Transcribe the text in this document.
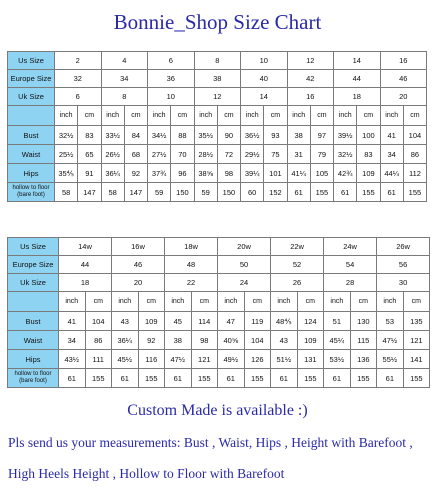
Bonnie_Shop Size Chart
Us Size	2		4		6		8		10		12		14		16	
Europe Size	32		34		36		38		40		42		44		46	
Uk Size	6		8		10		12		14		16		18		20	
	inch	cm	inch	cm	inch	cm	inch	cm	inch	cm	inch	cm	inch	cm	inch	cm
Bust	32½	83	33½	84	34½	88	35½	90	36½	93	38	97	39½	100	41	104
Waist	25½	65	26½	68	27½	70	28½	72	29½	75	31	79	32½	83	34	86
Hips	35⅘	91	36¼	92	37¾	96	38⅝	98	39¼	101	41¼	105	42¾	109	44¼	112
hollow to floor (bare foot)	58	147	58	147	59	150	59	150	60	152	61	155	61	155	61	155
Us Size	14w		16w		18w		20w		22w		24w		26w	
Europe Size	44		46		48		50		52		54		56	
Uk Size	18		20		22		24		26		28		30	
	inch	cm	inch	cm	inch	cm	inch	cm	inch	cm	inch	cm	inch	cm
Bust	41	104	43	109	45	114	47	119	48⅘	124	51	130	53	135
Waist	34	86	36¼	92	38	98	40⅝	104	43	109	45¼	115	47½	121
Hips	43½	111	45½	116	47½	121	49½	126	51½	131	53½	136	55½	141
hollow to floor (bare foot)	61	155	61	155	61	155	61	155	61	155	61	155	61	155
Custom Made is available :)
Pls send us your measurements: Bust , Waist, Hips , Height with Barefoot ,
High Heels Height , Hollow to Floor with Barefoot
